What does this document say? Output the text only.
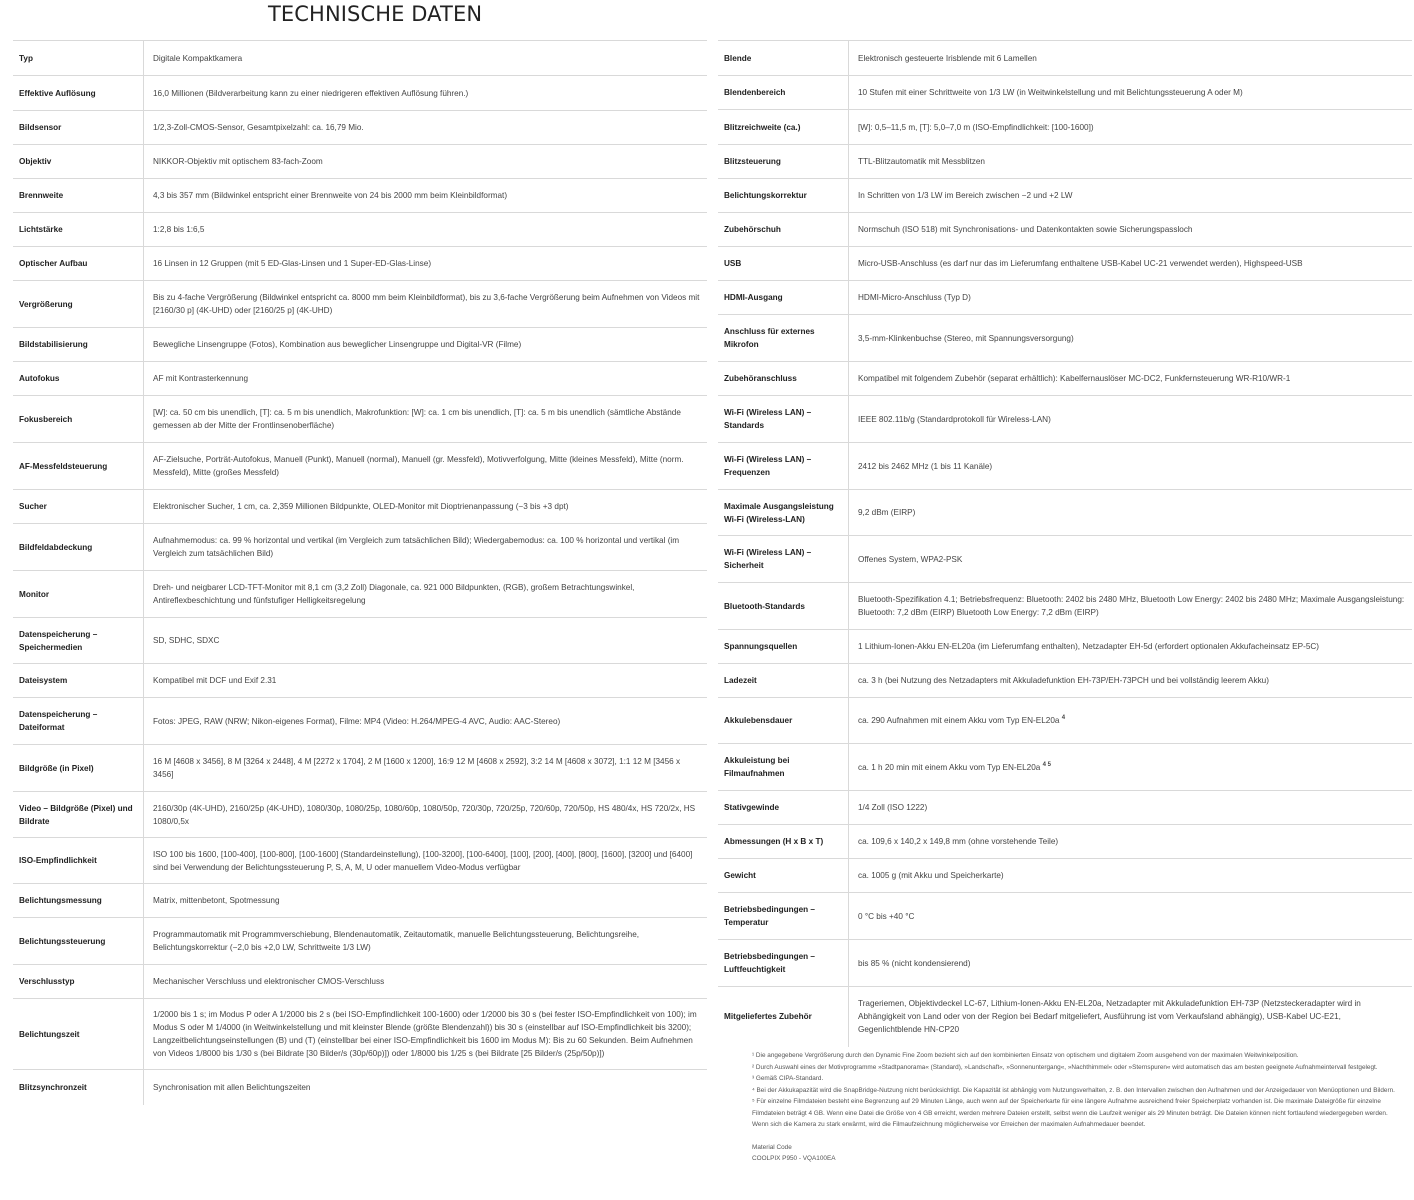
TECHNISCHE DATEN
Typ	Digitale Kompaktkamera
Effektive Auflösung	16,0 Millionen (Bildverarbeitung kann zu einer niedrigeren effektiven Auflösung führen.)
Bildsensor	1/2,3-Zoll-CMOS-Sensor, Gesamtpixelzahl: ca. 16,79 Mio.
Objektiv	NIKKOR-Objektiv mit optischem 83-fach-Zoom
Brennweite	4,3 bis 357 mm (Bildwinkel entspricht einer Brennweite von 24 bis 2000 mm beim Kleinbildformat)
Lichtstärke	1:2,8 bis 1:6,5
Optischer Aufbau	16 Linsen in 12 Gruppen (mit 5 ED-Glas-Linsen und 1 Super-ED-Glas-Linse)
Vergrößerung	Bis zu 4-fache Vergrößerung (Bildwinkel entspricht ca. 8000 mm beim Kleinbildformat), bis zu 3,6-fache Vergrößerung beim Aufnehmen von Videos mit [2160/30 p] (4K-UHD) oder [2160/25 p] (4K-UHD)
Bildstabilisierung	Bewegliche Linsengruppe (Fotos), Kombination aus beweglicher Linsengruppe und Digital-VR (Filme)
Autofokus	AF mit Kontrasterkennung
Fokusbereich	[W]: ca. 50 cm bis unendlich, [T]: ca. 5 m bis unendlich, Makrofunktion: [W]: ca. 1 cm bis unendlich, [T]: ca. 5 m bis unendlich (sämtliche Abstände gemessen ab der Mitte der Frontlinsenoberfläche)
AF-Messfeldsteuerung	AF-Zielsuche, Porträt-Autofokus, Manuell (Punkt), Manuell (normal), Manuell (gr. Messfeld), Motivverfolgung, Mitte (kleines Messfeld), Mitte (norm. Messfeld), Mitte (großes Messfeld)
Sucher	Elektronischer Sucher, 1 cm, ca. 2,359 Millionen Bildpunkte, OLED-Monitor mit Dioptrienanpassung (−3 bis +3 dpt)
Bildfeldabdeckung	Aufnahmemodus: ca. 99 % horizontal und vertikal (im Vergleich zum tatsächlichen Bild); Wiedergabemodus: ca. 100 % horizontal und vertikal (im Vergleich zum tatsächlichen Bild)
Monitor	Dreh- und neigbarer LCD-TFT-Monitor mit 8,1 cm (3,2 Zoll) Diagonale, ca. 921 000 Bildpunkten, (RGB), großem Betrachtungswinkel, Antireflexbeschichtung und fünfstufiger Helligkeitsregelung
Datenspeicherung – Speichermedien	SD, SDHC, SDXC
Dateisystem	Kompatibel mit DCF und Exif 2.31
Datenspeicherung – Dateiformat	Fotos: JPEG, RAW (NRW; Nikon-eigenes Format), Filme: MP4 (Video: H.264/MPEG-4 AVC, Audio: AAC-Stereo)
Bildgröße (in Pixel)	16 M [4608 x 3456], 8 M [3264 x 2448], 4 M [2272 x 1704], 2 M [1600 x 1200], 16:9 12 M [4608 x 2592], 3:2 14 M [4608 x 3072], 1:1 12 M [3456 x 3456]
Video – Bildgröße (Pixel) und Bildrate	2160/30p (4K-UHD), 2160/25p (4K-UHD), 1080/30p, 1080/25p, 1080/60p, 1080/50p, 720/30p, 720/25p, 720/60p, 720/50p, HS 480/4x, HS 720/2x, HS 1080/0,5x
ISO-Empfindlichkeit	ISO 100 bis 1600, [100-400], [100-800], [100-1600] (Standardeinstellung), [100-3200], [100-6400], [100], [200], [400], [800], [1600], [3200] und [6400] sind bei Verwendung der Belichtungssteuerung P, S, A, M, U oder manuellem Video-Modus verfügbar
Belichtungsmessung	Matrix, mittenbetont, Spotmessung
Belichtungssteuerung	Programmautomatik mit Programmverschiebung, Blendenautomatik, Zeitautomatik, manuelle Belichtungssteuerung, Belichtungsreihe, Belichtungskorrektur (−2,0 bis +2,0 LW, Schrittweite 1/3 LW)
Verschlusstyp	Mechanischer Verschluss und elektronischer CMOS-Verschluss
Belichtungszeit	1/2000 bis 1 s; im Modus P oder A 1/2000 bis 2 s (bei ISO-Empfindlichkeit 100-1600) oder 1/2000 bis 30 s (bei fester ISO-Empfindlichkeit von 100); im Modus S oder M 1/4000 (in Weitwinkelstellung und mit kleinster Blende (größte Blendenzahl)) bis 30 s (einstellbar auf ISO-Empfindlichkeit bis 3200); Langzeitbelichtungseinstellungen (B) und (T) (einstellbar bei einer ISO-Empfindlichkeit bis 1600 im Modus M): Bis zu 60 Sekunden. Beim Aufnehmen von Videos 1/8000 bis 1/30 s (bei Bildrate [30 Bilder/s (30p/60p)]) oder 1/8000 bis 1/25 s (bei Bildrate [25 Bilder/s (25p/50p)])
Blitzsynchronzeit	Synchronisation mit allen Belichtungszeiten
Blende	Elektronisch gesteuerte Irisblende mit 6 Lamellen
Blendenbereich	10 Stufen mit einer Schrittweite von 1/3 LW (in Weitwinkelstellung und mit Belichtungssteuerung A oder M)
Blitzreichweite (ca.)	[W]: 0,5–11,5 m, [T]: 5,0–7,0 m (ISO-Empfindlichkeit: [100-1600])
Blitzsteuerung	TTL-Blitzautomatik mit Messblitzen
Belichtungskorrektur	In Schritten von 1/3 LW im Bereich zwischen −2 und +2 LW
Zubehörschuh	Normschuh (ISO 518) mit Synchronisations- und Datenkontakten sowie Sicherungspassloch
USB	Micro-USB-Anschluss (es darf nur das im Lieferumfang enthaltene USB-Kabel UC-21 verwendet werden), Highspeed-USB
HDMI-Ausgang	HDMI-Micro-Anschluss (Typ D)
Anschluss für externes Mikrofon	3,5-mm-Klinkenbuchse (Stereo, mit Spannungsversorgung)
Zubehöranschluss	Kompatibel mit folgendem Zubehör (separat erhältlich): Kabelfernauslöser MC-DC2, Funkfernsteuerung WR-R10/WR-1
Wi-Fi (Wireless LAN) – Standards	IEEE 802.11b/g (Standardprotokoll für Wireless-LAN)
Wi-Fi (Wireless LAN) – Frequenzen	2412 bis 2462 MHz (1 bis 11 Kanäle)
Maximale Ausgangsleistung Wi-Fi (Wireless-LAN)	9,2 dBm (EIRP)
Wi-Fi (Wireless LAN) – Sicherheit	Offenes System, WPA2-PSK
Bluetooth-Standards	Bluetooth-Spezifikation 4.1; Betriebsfrequenz: Bluetooth: 2402 bis 2480 MHz, Bluetooth Low Energy: 2402 bis 2480 MHz; Maximale Ausgangsleistung: Bluetooth: 7,2 dBm (EIRP) Bluetooth Low Energy: 7,2 dBm (EIRP)
Spannungsquellen	1 Lithium-Ionen-Akku EN-EL20a (im Lieferumfang enthalten), Netzadapter EH-5d (erfordert optionalen Akkufacheinsatz EP-5C)
Ladezeit	ca. 3 h (bei Nutzung des Netzadapters mit Akkuladefunktion EH-73P/EH-73PCH und bei vollständig leerem Akku)
Akkulebensdauer	ca. 290 Aufnahmen mit einem Akku vom Typ EN-EL20a $^4$
Akkuleistung bei Filmaufnahmen	ca. 1 h 20 min mit einem Akku vom Typ EN-EL20a $^{4 5}$
Stativgewinde	1/4 Zoll (ISO 1222)
Abmessungen (H x B x T)	ca. 109,6 x 140,2 x 149,8 mm (ohne vorstehende Teile)
Gewicht	ca. 1005 g (mit Akku und Speicherkarte)
Betriebsbedingungen – Temperatur	0 °C bis +40 °C
Betriebsbedingungen – Luftfeuchtigkeit	bis 85 % (nicht kondensierend)
Mitgeliefertes Zubehör	Trageriemen, Objektivdeckel LC-67, Lithium-Ionen-Akku EN-EL20a, Netzadapter mit Akkuladefunktion EH-73P (Netzsteckeradapter wird in Abhängigkeit von Land oder von der Region bei Bedarf mitgeliefert, Ausführung ist vom Verkaufsland abhängig), USB-Kabel UC-E21, Gegenlichtblende HN-CP20

¹ Die angegebene Vergrößerung durch den Dynamic Fine Zoom bezieht sich auf den kombinierten Einsatz von optischem und digitalem Zoom ausgehend von der maximalen Weitwinkelposition.

² Durch Auswahl eines der Motivprogramme »Stadtpanorama« (Standard), »Landschaft«, »Sonnenuntergang«, »Nachthimmel« oder »Sternspuren« wird automatisch das am besten geeignete Aufnahmeintervall festgelegt.

³ Gemäß CIPA-Standard.

⁴ Bei der Akkukapazität wird die SnapBridge-Nutzung nicht berücksichtigt. Die Kapazität ist abhängig vom Nutzungsverhalten, z. B. den Intervallen zwischen den Aufnahmen und der Anzeigedauer von Menüoptionen und Bildern.

⁵ Für einzelne Filmdateien besteht eine Begrenzung auf 29 Minuten Länge, auch wenn auf der Speicherkarte für eine längere Aufnahme ausreichend freier Speicherplatz vorhanden ist. Die maximale Dateigröße für einzelne Filmdateien beträgt 4 GB. Wenn eine Datei die Größe von 4 GB erreicht, werden mehrere Dateien erstellt, selbst wenn die Laufzeit weniger als 29 Minuten beträgt. Die Dateien können nicht fortlaufend wiedergegeben werden. Wenn sich die Kamera zu stark erwärmt, wird die Filmaufzeichnung möglicherweise vor Erreichen der maximalen Aufnahmedauer beendet.

Material Code
COOLPIX P950 - VQA100EA
